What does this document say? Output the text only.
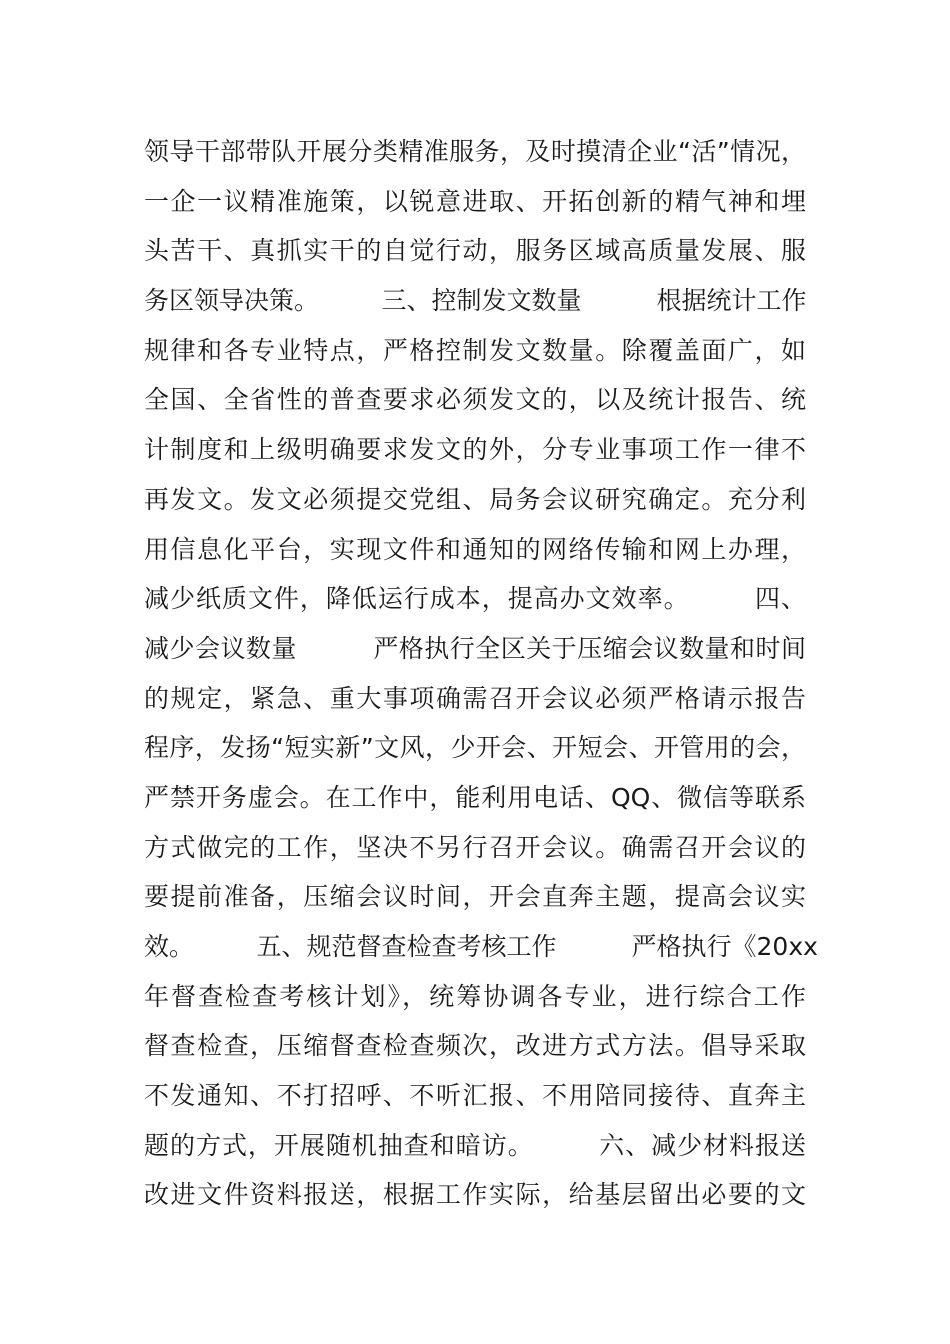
领导干部带队开展分类精准服务，及时摸清企业“活”情况，
一企一议精准施策，以锐意进取、开拓创新的精气神和埋
头苦干、真抓实干的自觉行动，服务区域高质量发展、服
务区领导决策。　　　三、控制发文数量　　　根据统计工作
规律和各专业特点，严格控制发文数量。除覆盖面广，如
全国、全省性的普查要求必须发文的，以及统计报告、统
计制度和上级明确要求发文的外，分专业事项工作一律不
再发文。发文必须提交党组、局务会议研究确定。充分利
用信息化平台，实现文件和通知的网络传输和网上办理，
减少纸质文件，降低运行成本，提高办文效率。　　　四、
减少会议数量　　　严格执行全区关于压缩会议数量和时间
的规定，紧急、重大事项确需召开会议必须严格请示报告
程序，发扬“短实新”文风，少开会、开短会、开管用的会，
严禁开务虚会。在工作中，能利用电话、QQ、微信等联系
方式做完的工作，坚决不另行召开会议。确需召开会议的
要提前准备，压缩会议时间，开会直奔主题，提高会议实
效。　　　五、规范督查检查考核工作　　　严格执行《20xx
年督查检查考核计划》，统筹协调各专业，进行综合工作
督查检查，压缩督查检查频次，改进方式方法。倡导采取
不发通知、不打招呼、不听汇报、不用陪同接待、直奔主
题的方式，开展随机抽查和暗访。　　　六、减少材料报送
改进文件资料报送，根据工作实际，给基层留出必要的文
